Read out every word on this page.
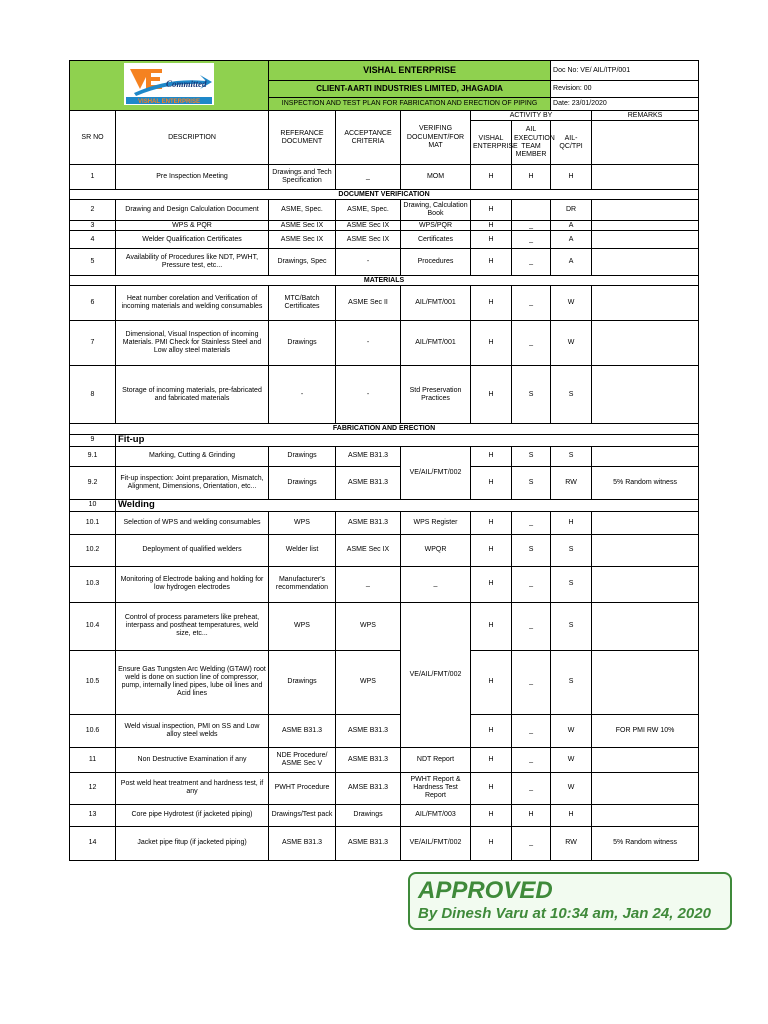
Committed
VISHAL ENTERPRISE		VISHAL ENTERPRISE					Doc No: VE/ AIL/ITP/001	
		CLIENT-AARTI INDUSTRIES LIMITED, JHAGADIA					Revision: 00	
		INSPECTION AND TEST PLAN FOR FABRICATION AND ERECTION OF PIPING					Date: 23/01/2020	
SR NO	DESCRIPTION	REFERANCE DOCUMENT	ACCEPTANCE CRITERIA	VERIFING DOCUMENT/FOR MAT	ACTIVITY BY			REMARKS
					VISHAL ENTERPRISE	AIL EXECUTION TEAM MEMBER	AIL-QC/TPI	
1	Pre Inspection Meeting	Drawings and Tech Specification	_	MOM	H	H	H	
DOCUMENT VERIFICATION								
2	Drawing and Design Calculation Document	ASME, Spec.	ASME, Spec.	Drawing, Calculation Book	H		DR	
3	WPS & PQR	ASME Sec IX	ASME Sec IX	WPS/PQR	H	_	A	
4	Welder Qualification Certificates	ASME Sec IX	ASME Sec IX	Certificates	H	_	A	
5	Availability of Procedures like NDT, PWHT, Pressure test, etc...	Drawings, Spec	-	Procedures	H	_	A	
MATERIALS								
6	Heat number corelation and Verification of incoming materials and welding consumables	MTC/Batch Certificates	ASME Sec II	AIL/FMT/001	H	_	W	
7	Dimensional, Visual Inspection of incoming Materials. PMI Check for Stainless Steel and Low alloy steel materials	Drawings	-	AIL/FMT/001	H	_	W	
8	Storage of incoming materials, pre-fabricated and fabricated materials	-	-	Std Preservation Practices	H	S	S	
FABRICATION AND ERECTION								
9	Fit-up							
9.1	Marking, Cutting & Grinding	Drawings	ASME B31.3	VE/AIL/FMT/002	H	S	S	
9.2	Fit-up inspection: Joint preparation, Mismatch, Alignment, Dimensions, Orientation, etc...	Drawings	ASME B31.3		H	S	RW	5% Random witness
10	Welding							
10.1	Selection of WPS and welding consumables	WPS	ASME B31.3	WPS Register	H	_	H	
10.2	Deployment of qualified welders	Welder list	ASME Sec IX	WPQR	H	S	S	
10.3	Monitoring of Electrode baking and holding for low hydrogen electrodes	Manufacturer's recommendation	_	_	H	_	S	
10.4	Control of process parameters like preheat, interpass and postheat temperatures, weld size, etc...	WPS	WPS	VE/AIL/FMT/002	H	_	S	
10.5	Ensure Gas Tungsten Arc Welding (GTAW) root weld is done on suction line of compressor, pump, internally lined pipes, lube oil lines and Acid lines	Drawings	WPS		H	_	S	
10.6	Weld visual inspection, PMI on SS and Low alloy steel welds	ASME B31.3	ASME B31.3		H	_	W	FOR PMI RW 10%
11	Non Destructive Examination if any	NDE Procedure/ ASME Sec V	ASME B31.3	NDT Report	H	_	W	
12	Post weld heat treatment and hardness test, if any	PWHT Procedure	AMSE B31.3	PWHT Report & Hardness Test Report	H	_	W	
13	Core pipe Hydrotest (if jacketed piping)	Drawings/Test pack	Drawings	AIL/FMT/003	H	H	H	
14	Jacket pipe fitup (if jacketed piping)	ASME B31.3	ASME B31.3	VE/AIL/FMT/002	H	_	RW	5% Random witness
APPROVED
By Dinesh Varu at 10:34 am, Jan 24, 2020
